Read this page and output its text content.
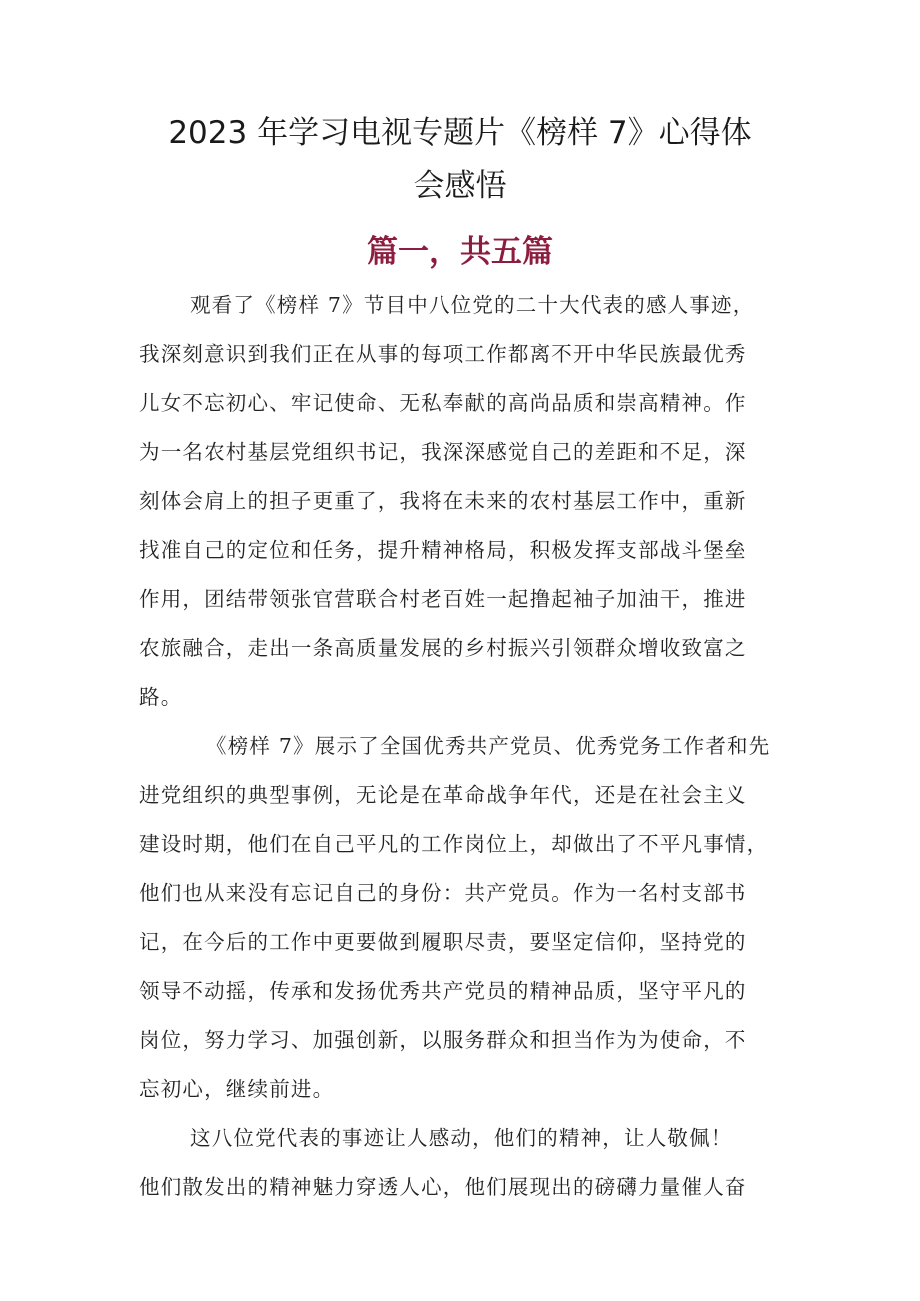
2023 年学习电视专题片《榜样 7》心得体
会感悟
篇一，共五篇

观看了《榜样 7》节目中八位党的二十大代表的感人事迹，

我深刻意识到我们正在从事的每项工作都离不开中华民族最优秀

儿女不忘初心、牢记使命、无私奉献的高尚品质和崇高精神。作

为一名农村基层党组织书记，我深深感觉自己的差距和不足，深

刻体会肩上的担子更重了，我将在未来的农村基层工作中，重新

找准自己的定位和任务，提升精神格局，积极发挥支部战斗堡垒

作用，团结带领张官营联合村老百姓一起撸起袖子加油干，推进

农旅融合，走出一条高质量发展的乡村振兴引领群众增收致富之

路。

《榜样 7》展示了全国优秀共产党员、优秀党务工作者和先

进党组织的典型事例，无论是在革命战争年代，还是在社会主义

建设时期，他们在自己平凡的工作岗位上，却做出了不平凡事情，

他们也从来没有忘记自己的身份：共产党员。作为一名村支部书

记，在今后的工作中更要做到履职尽责，要坚定信仰，坚持党的

领导不动摇，传承和发扬优秀共产党员的精神品质，坚守平凡的

岗位，努力学习、加强创新，以服务群众和担当作为为使命，不

忘初心，继续前进。

这八位党代表的事迹让人感动，他们的精神，让人敬佩！

他们散发出的精神魅力穿透人心，他们展现出的磅礴力量催人奋
